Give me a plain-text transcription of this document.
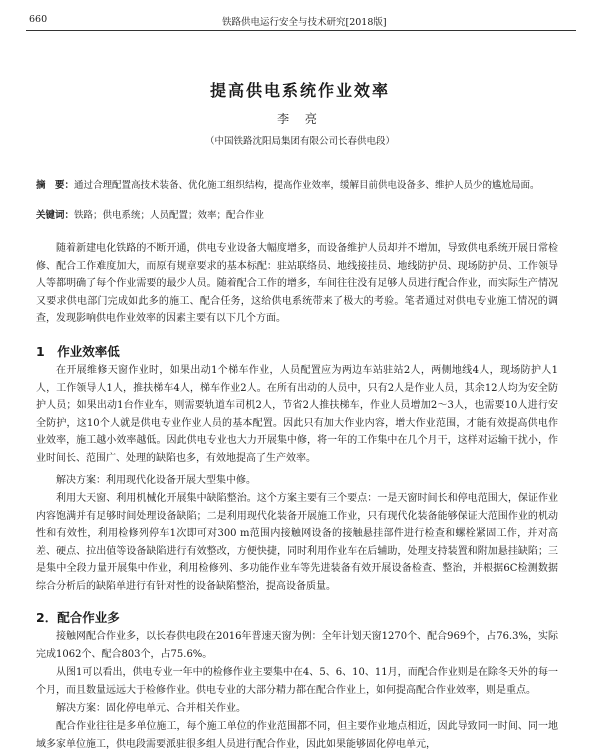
660	铁路供电运行安全与技术研究[2018版]
提高供电系统作业效率
李 亮
（中国铁路沈阳局集团有限公司长春供电段）
摘　要：通过合理配置高技术装备、优化施工组织结构，提高作业效率，缓解目前供电设备多、维护人员少的尴尬局面。
关键词：铁路；供电系统；人员配置；效率；配合作业

随着新建电化铁路的不断开通，供电专业设备大幅度增多，而设备维护人员却并不增加，导致供电系统开展日常检修、配合工作难度加大，而原有规章要求的基本标配：驻站联络员、地线接挂员、地线防护员、现场防护员、工作领导人等都明确了每个作业需要的最少人员。随着配合工作的增多，车间往往没有足够人员进行配合作业，而实际生产情况又要求供电部门完成如此多的施工、配合任务，这给供电系统带来了极大的考验。笔者通过对供电专业施工情况的调查，发现影响供电作业效率的因素主要有以下几个方面。

1　作业效率低

在开展维修天窗作业时，如果出动1个梯车作业，人员配置应为两边车站驻站2人，两侧地线4人，现场防护人1人，工作领导人1人，推扶梯车4人，梯车作业2人。在所有出动的人员中，只有2人是作业人员，其余12人均为安全防护人员；如果出动1台作业车，则需要轨道车司机2人，节省2人推扶梯车，作业人员增加2～3人，也需要10人进行安全防护，这10个人就是供电专业作业人员的基本配置。因此只有加大作业内容，增大作业范围，才能有效提高供电作业效率，施工越小效率越低。因此供电专业也大力开展集中修，将一年的工作集中在几个月干，这样对运输干扰小，作业时间长、范围广、处理的缺陷也多，有效地提高了生产效率。

解决方案：利用现代化设备开展大型集中修。

利用大天窗、利用机械化开展集中缺陷整治。这个方案主要有三个要点：一是天窗时间长和停电范围大，保证作业内容饱满并有足够时间处理设备缺陷；二是利用现代化装备开展施工作业，只有现代化装备能够保证大范围作业的机动性和有效性，利用检修列停车1次即可对300 m范围内接触网设备的接触悬挂部件进行检查和螺栓紧固工作，并对高差、硬点、拉出值等设备缺陷进行有效整改，方便快捷，同时利用作业车在后辅助，处理支持装置和附加悬挂缺陷；三是集中全段力量开展集中作业，利用检修列、多功能作业车等先进装备有效开展设备检查、整治，并根据6C检测数据综合分析后的缺陷单进行有针对性的设备缺陷整治，提高设备质量。

2．配合作业多

接触网配合作业多，以长春供电段在2016年普速天窗为例：全年计划天窗1270个、配合969个，占76.3%，实际完成1062个、配合803个，占75.6%。

从图1可以看出，供电专业一年中的检修作业主要集中在4、5、6、10、11月，而配合作业则是在除冬天外的每一个月，而且数量远远大于检修作业。供电专业的大部分精力都在配合作业上，如何提高配合作业效率，则是重点。

解决方案：固化停电单元、合并相关作业。

配合作业往往是多单位施工，每个施工单位的作业范围都不同，但主要作业地点相近，因此导致同一时间、同一地域多家单位施工，供电段需要派驻很多组人员进行配合作业，因此如果能够固化停电单元，
